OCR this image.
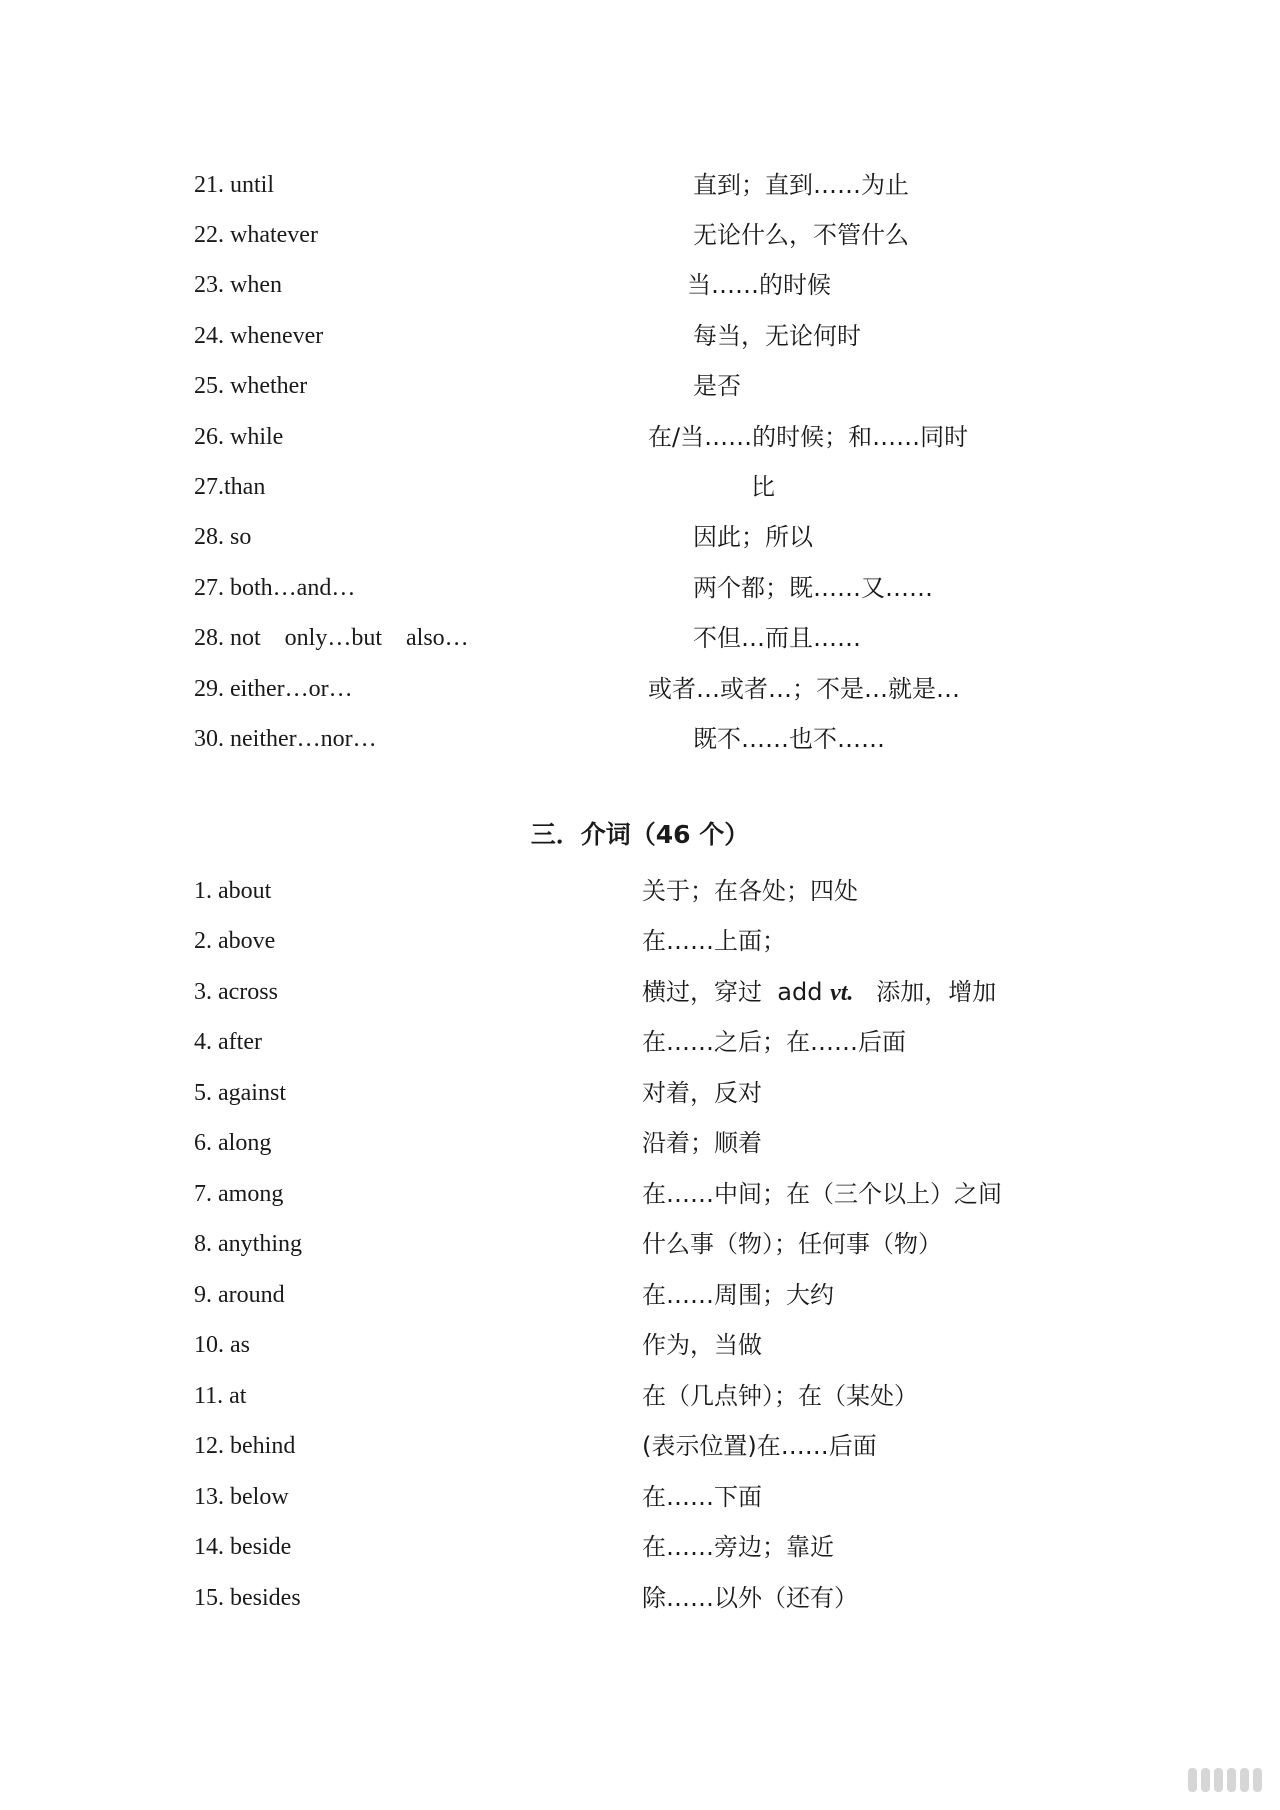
21. until	直到；直到……为止
22. whatever	无论什么，不管什么
23. when	当……的时候
24. whenever	每当，无论何时
25. whether	是否
26. while	在/当……的时候；和……同时
27.than	比
28. so	因此；所以
27. both…and…	两个都；既……又……
28. not    only…but    also…	不但…而且……
29. either…or…	或者…或者…；不是…就是…
30. neither…nor…	既不……也不……
三．介词（46 个）
1. about	关于；在各处；四处
2. above	在……上面；
3. across	横过，穿过  add vt.   添加，增加
4. after	在……之后；在……后面
5. against	对着，反对
6. along	沿着；顺着
7. among	在……中间；在（三个以上）之间
8. anything	什么事（物）；任何事（物）
9. around	在……周围；大约
10. as	作为，当做
11. at	在（几点钟）；在（某处）
12. behind	(表示位置)在……后面
13. below	在……下面
14. beside	在……旁边；靠近
15. besides	除……以外（还有）
